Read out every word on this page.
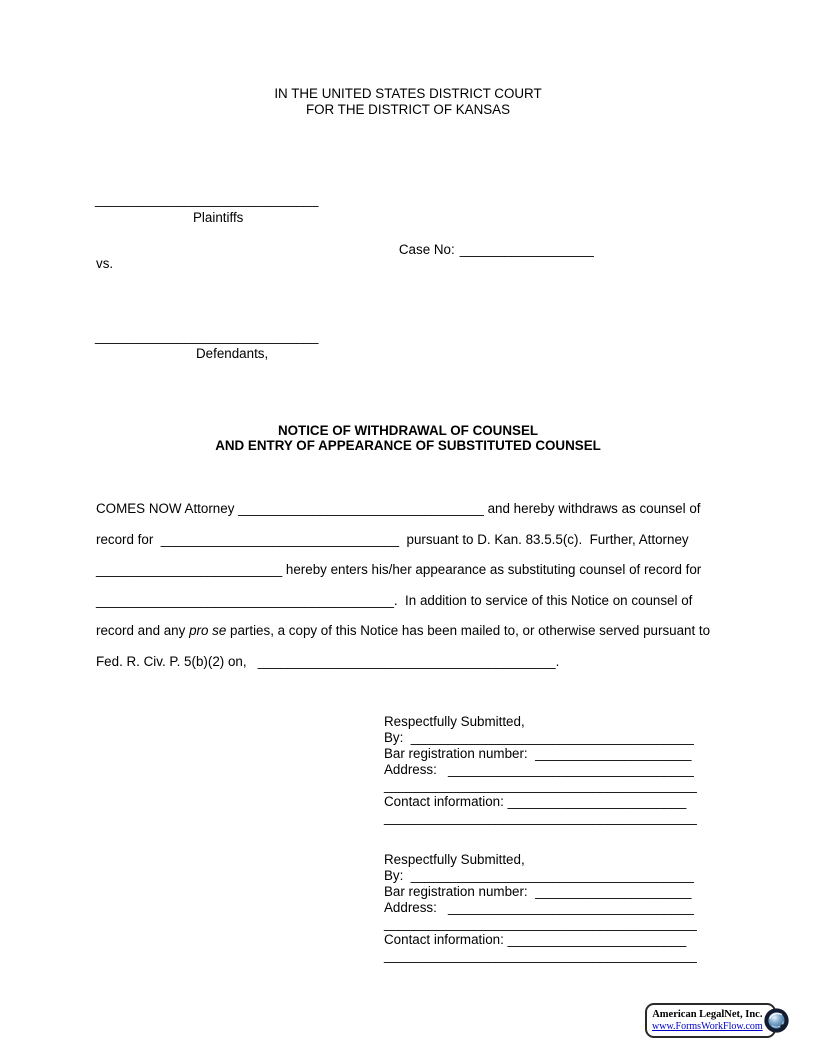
IN THE UNITED STATES DISTRICT COURT
FOR THE DISTRICT OF KANSAS
______________________________
Plaintiffs

Case No: __________________

vs.
______________________________
Defendants,
NOTICE OF WITHDRAWAL OF COUNSEL
AND ENTRY OF APPEARANCE OF SUBSTITUTED COUNSEL
COMES NOW Attorney _________________________________ and hereby withdraws as counsel of
record for  ________________________________  pursuant to D. Kan. 83.5.5(c).  Further, Attorney
_________________________ hereby enters his/her appearance as substituting counsel of record for
________________________________________.  In addition to service of this Notice on counsel of
record and any pro se parties, a copy of this Notice has been mailed to, or otherwise served pursuant to
Fed. R. Civ. P. 5(b)(2) on,   ________________________________________.
Respectfully Submitted,
By:  ______________________________________
Bar registration number:  _____________________
Address:   _________________________________
__________________________________________
Contact information: ________________________
__________________________________________
Respectfully Submitted,
By:  ______________________________________
Bar registration number:  _____________________
Address:   _________________________________
__________________________________________
Contact information: ________________________
__________________________________________
American LegalNet, Inc.
www.FormsWorkFlow.com
